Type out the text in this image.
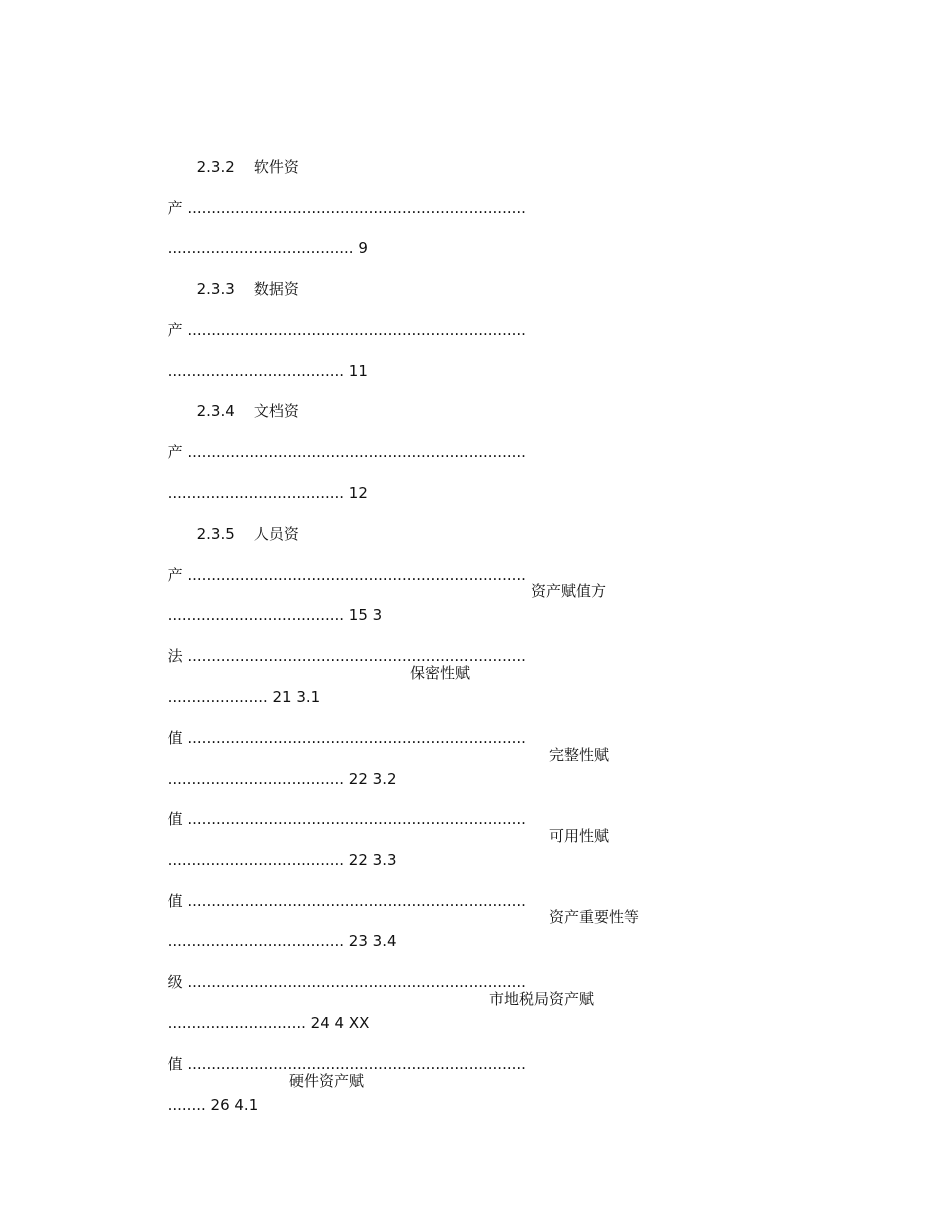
2.3.2    软件资

产 .......................................................................

....................................... 9

2.3.3    数据资

产 .......................................................................

..................................... 11

2.3.4    文档资

产 .......................................................................

..................................... 12

2.3.5    人员资

产 .......................................................................

..................................... 15 3

资产赋值方

法 .......................................................................

..................... 21 3.1

保密性赋

值 .......................................................................

..................................... 22 3.2

完整性赋

值 .......................................................................

..................................... 22 3.3

可用性赋

值 .......................................................................

..................................... 23 3.4

资产重要性等

级 .......................................................................

............................. 24 4 XX

市地税局资产赋

值 .......................................................................

........ 26 4.1

硬件资产赋
